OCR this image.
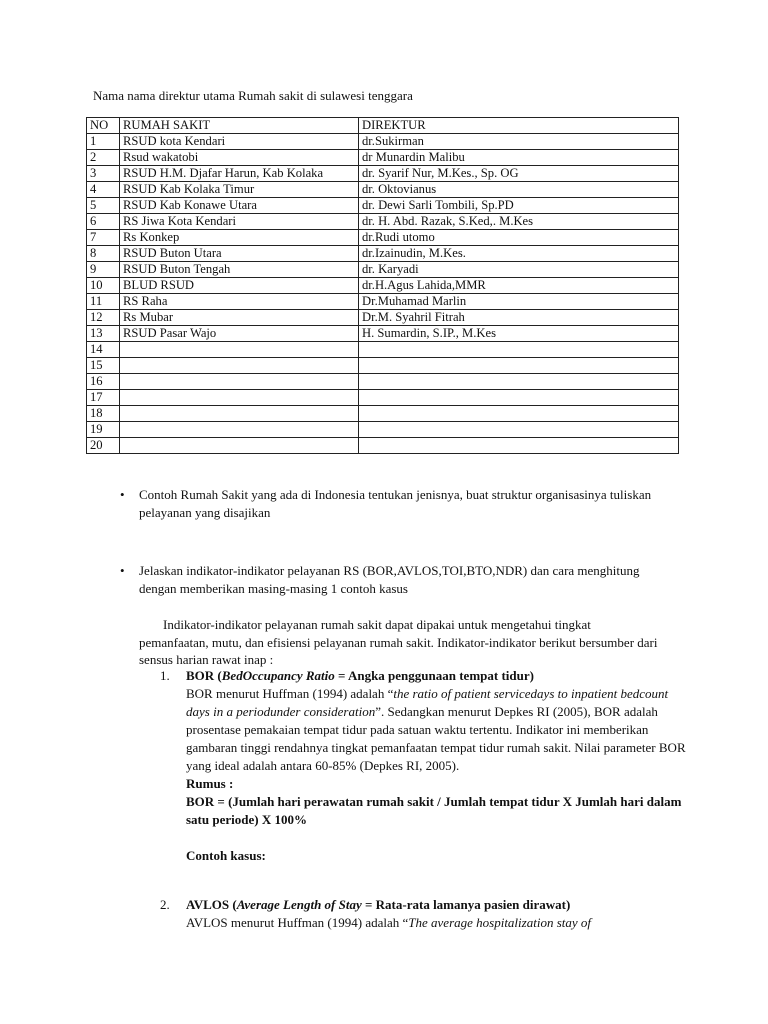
Nama nama direktur utama Rumah sakit di sulawesi tenggara
NO	RUMAH SAKIT	DIREKTUR
1	RSUD kota Kendari	dr.Sukirman
2	Rsud wakatobi	dr Munardin Malibu
3	RSUD H.M. Djafar Harun, Kab Kolaka	dr. Syarif Nur, M.Kes., Sp. OG
4	RSUD Kab Kolaka Timur	dr. Oktovianus
5	RSUD Kab Konawe Utara	dr. Dewi Sarli Tombili, Sp.PD
6	RS Jiwa Kota Kendari	dr. H. Abd. Razak, S.Ked,. M.Kes
7	Rs Konkep	dr.Rudi utomo
8	RSUD Buton Utara	dr.Izainudin, M.Kes.
9	RSUD Buton Tengah	dr. Karyadi
10	BLUD RSUD	dr.H.Agus Lahida,MMR
11	RS Raha	Dr.Muhamad Marlin
12	Rs Mubar	Dr.M. Syahril Fitrah
13	RSUD Pasar Wajo	H. Sumardin, S.IP., M.Kes
14		
15		
16		
17		
18		
19		
20		
•	Contoh Rumah Sakit yang ada di Indonesia tentukan jenisnya, buat struktur organisasinya tuliskan pelayanan yang disajikan
•	Jelaskan indikator-indikator pelayanan RS (BOR,AVLOS,TOI,BTO,NDR) dan cara menghitung dengan memberikan masing-masing 1 contoh kasus
Indikator-indikator pelayanan rumah sakit dapat dipakai untuk mengetahui tingkat pemanfaatan, mutu, dan efisiensi pelayanan rumah sakit. Indikator-indikator berikut bersumber dari sensus harian rawat inap :
1. BOR (BedOccupancy Ratio = Angka penggunaan tempat tidur)
BOR menurut Huffman (1994) adalah “the ratio of patient servicedays to inpatient bedcount days in a periodunder consideration”. Sedangkan menurut Depkes RI (2005), BOR adalah prosentase pemakaian tempat tidur pada satuan waktu tertentu. Indikator ini memberikan gambaran tinggi rendahnya tingkat pemanfaatan tempat tidur rumah sakit. Nilai parameter BOR yang ideal adalah antara 60-85% (Depkes RI, 2005).
Rumus :
BOR = (Jumlah hari perawatan rumah sakit / Jumlah tempat tidur X Jumlah hari dalam satu periode) X 100%
Contoh kasus:
2. AVLOS (Average Length of Stay = Rata-rata lamanya pasien dirawat)
AVLOS menurut Huffman (1994) adalah “The average hospitalization stay of
